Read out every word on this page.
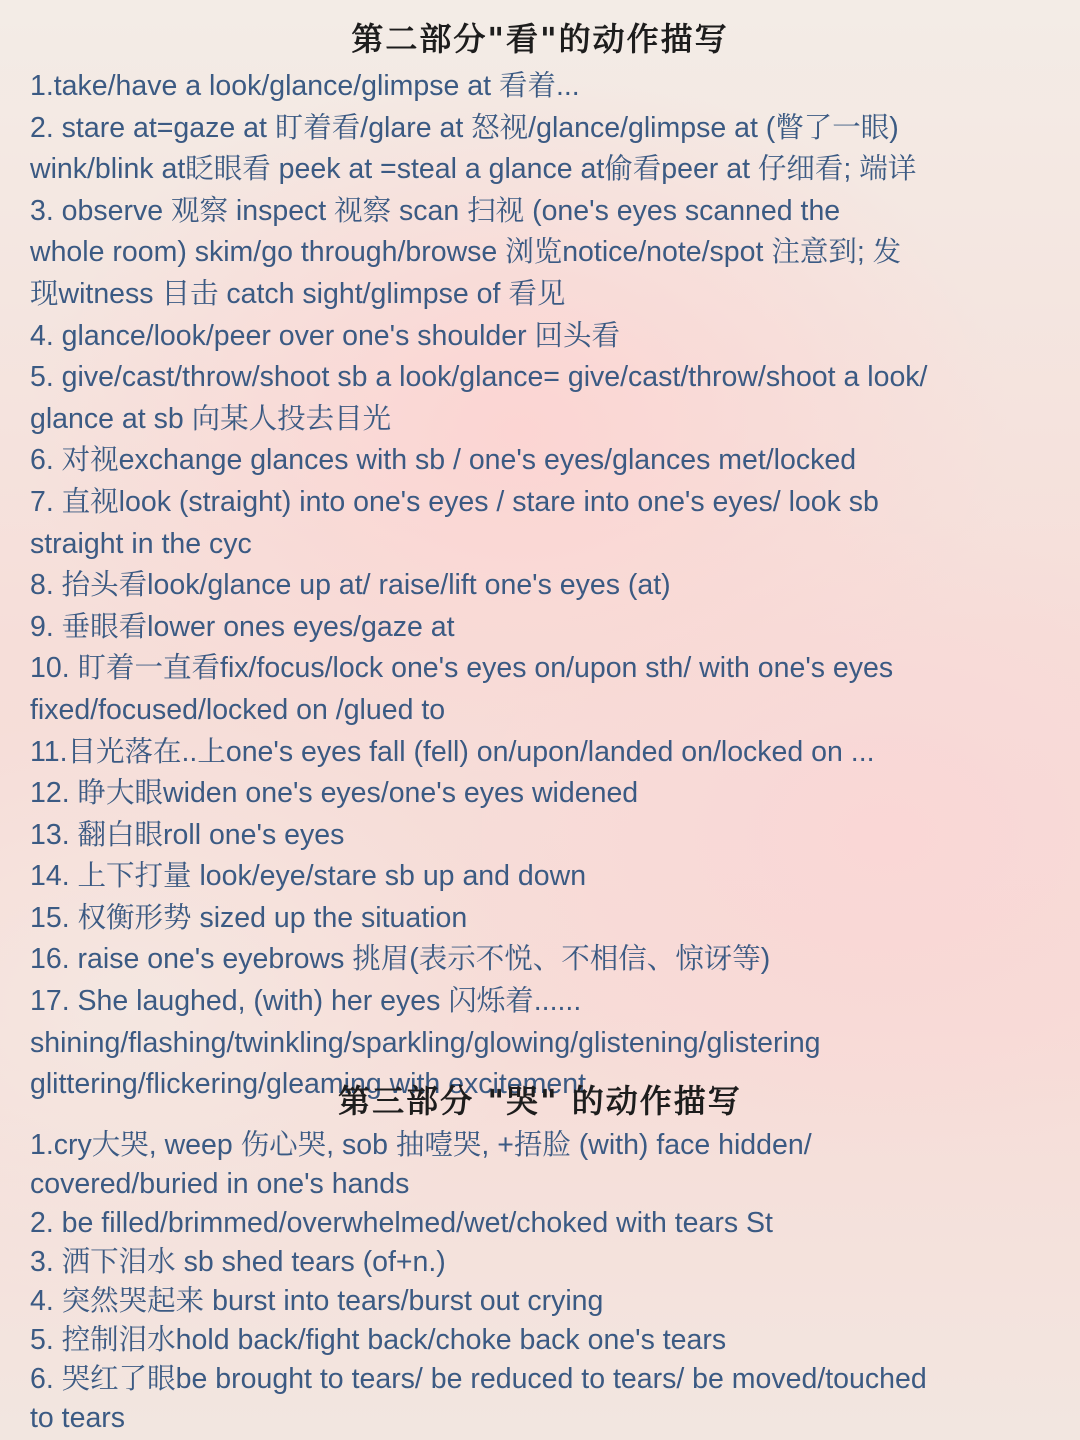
第二部分"看"的动作描写
1.take/have a look/glance/glimpse at 看着...
2. stare at=gaze at 盯着看/glare at 怒视/glance/glimpse at (瞥了一眼)
wink/blink at眨眼看 peek at =steal a glance at偷看peer at 仔细看; 端详
3. observe 观察 inspect 视察 scan 扫视 (one's eyes scanned the
whole room) skim/go through/browse 浏览notice/note/spot 注意到; 发
现witness 目击 catch sight/glimpse of 看见
4. glance/look/peer over one's shoulder 回头看
5. give/cast/throw/shoot sb a look/glance= give/cast/throw/shoot a look/
glance at sb 向某人投去目光
6. 对视exchange glances with sb / one's eyes/glances met/locked
7. 直视look (straight) into one's eyes / stare into one's eyes/ look sb
straight in the cyc
8. 抬头看look/glance up at/ raise/lift one's eyes (at)
9. 垂眼看lower ones eyes/gaze at
10. 盯着一直看fix/focus/lock one's eyes on/upon sth/ with one's eyes
fixed/focused/locked on /glued to
11.目光落在..上one's eyes fall (fell) on/upon/landed on/locked on ...
12. 睁大眼widen one's eyes/one's eyes widened
13. 翻白眼roll one's eyes
14. 上下打量 look/eye/stare sb up and down
15. 权衡形势 sized up the situation
16. raise one's eyebrows 挑眉(表示不悦、不相信、惊讶等)
17. She laughed, (with) her eyes 闪烁着......
shining/flashing/twinkling/sparkling/glowing/glistening/glistering
glittering/flickering/gleaming with excitement
第三部分 "哭" 的动作描写
1.cry大哭, weep 伤心哭, sob 抽噎哭, +捂脸 (with) face hidden/
covered/buried in one's hands
2. be filled/brimmed/overwhelmed/wet/choked with tears St
3. 洒下泪水 sb shed tears (of+n.)
4. 突然哭起来 burst into tears/burst out crying
5. 控制泪水hold back/fight back/choke back one's tears
6. 哭红了眼be brought to tears/ be reduced to tears/ be moved/touched
to tears
